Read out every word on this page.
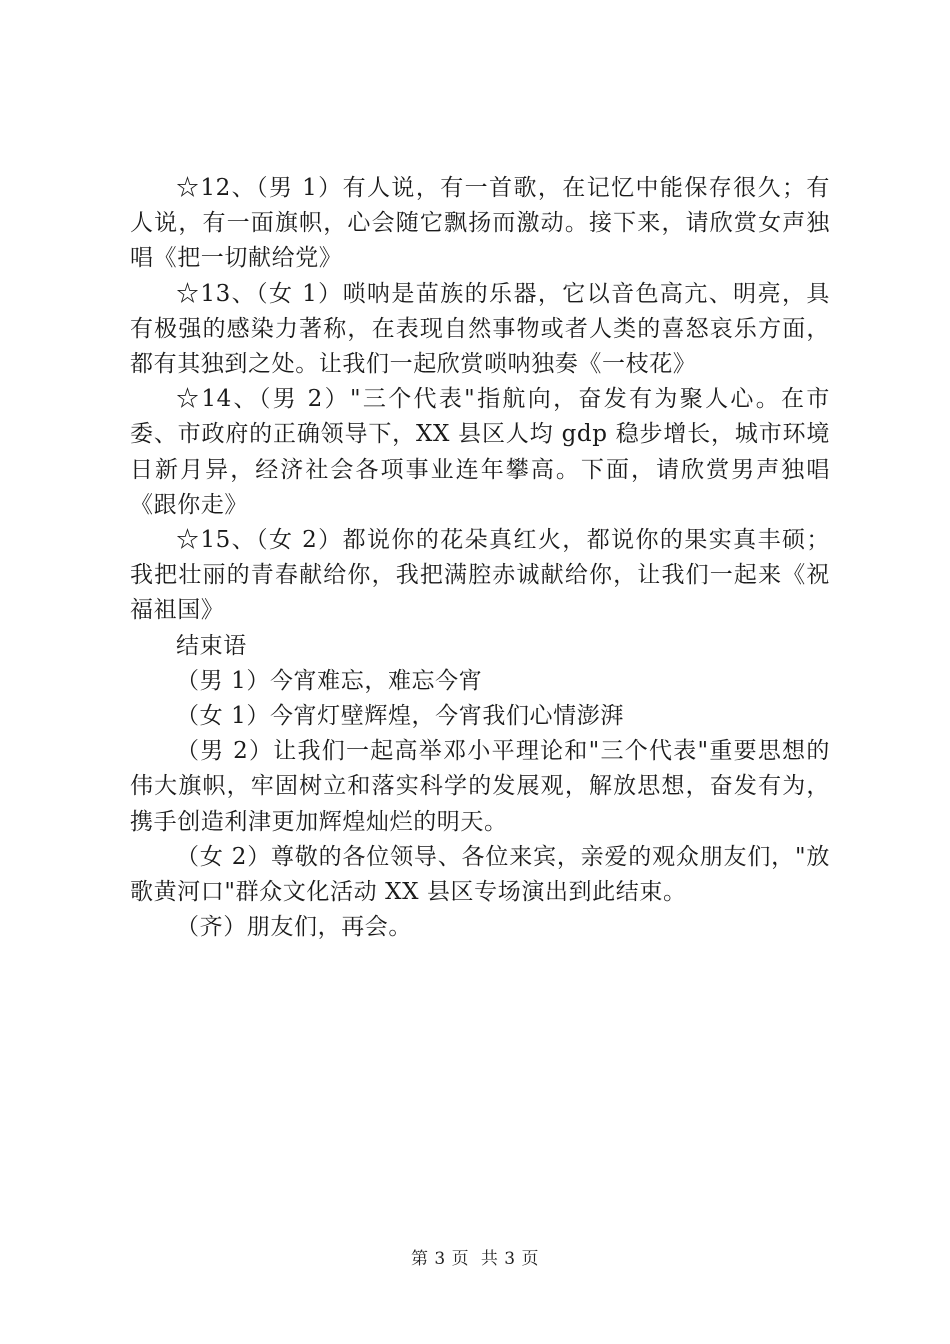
☆12、（男 1）有人说，有一首歌，在记忆中能保存很久；有人说，有一面旗帜，心会随它飘扬而激动。接下来，请欣赏女声独唱《把一切献给党》

☆13、（女 1）唢呐是苗族的乐器，它以音色高亢、明亮，具有极强的感染力著称，在表现自然事物或者人类的喜怒哀乐方面，都有其独到之处。让我们一起欣赏唢呐独奏《一枝花》

☆14、（男 2）"三个代表"指航向，奋发有为聚人心。在市委、市政府的正确领导下，XX 县区人均 gdp 稳步增长，城市环境日新月异，经济社会各项事业连年攀高。下面，请欣赏男声独唱《跟你走》

☆15、（女 2）都说你的花朵真红火，都说你的果实真丰硕；我把壮丽的青春献给你，我把满腔赤诚献给你，让我们一起来《祝福祖国》

结束语

（男 1）今宵难忘，难忘今宵

（女 1）今宵灯壁辉煌，今宵我们心情澎湃

（男 2）让我们一起高举邓小平理论和"三个代表"重要思想的伟大旗帜，牢固树立和落实科学的发展观，解放思想，奋发有为，携手创造利津更加辉煌灿烂的明天。

（女 2）尊敬的各位领导、各位来宾，亲爱的观众朋友们，"放歌黄河口"群众文化活动 XX 县区专场演出到此结束。

（齐）朋友们，再会。

第 3 页  共 3 页
